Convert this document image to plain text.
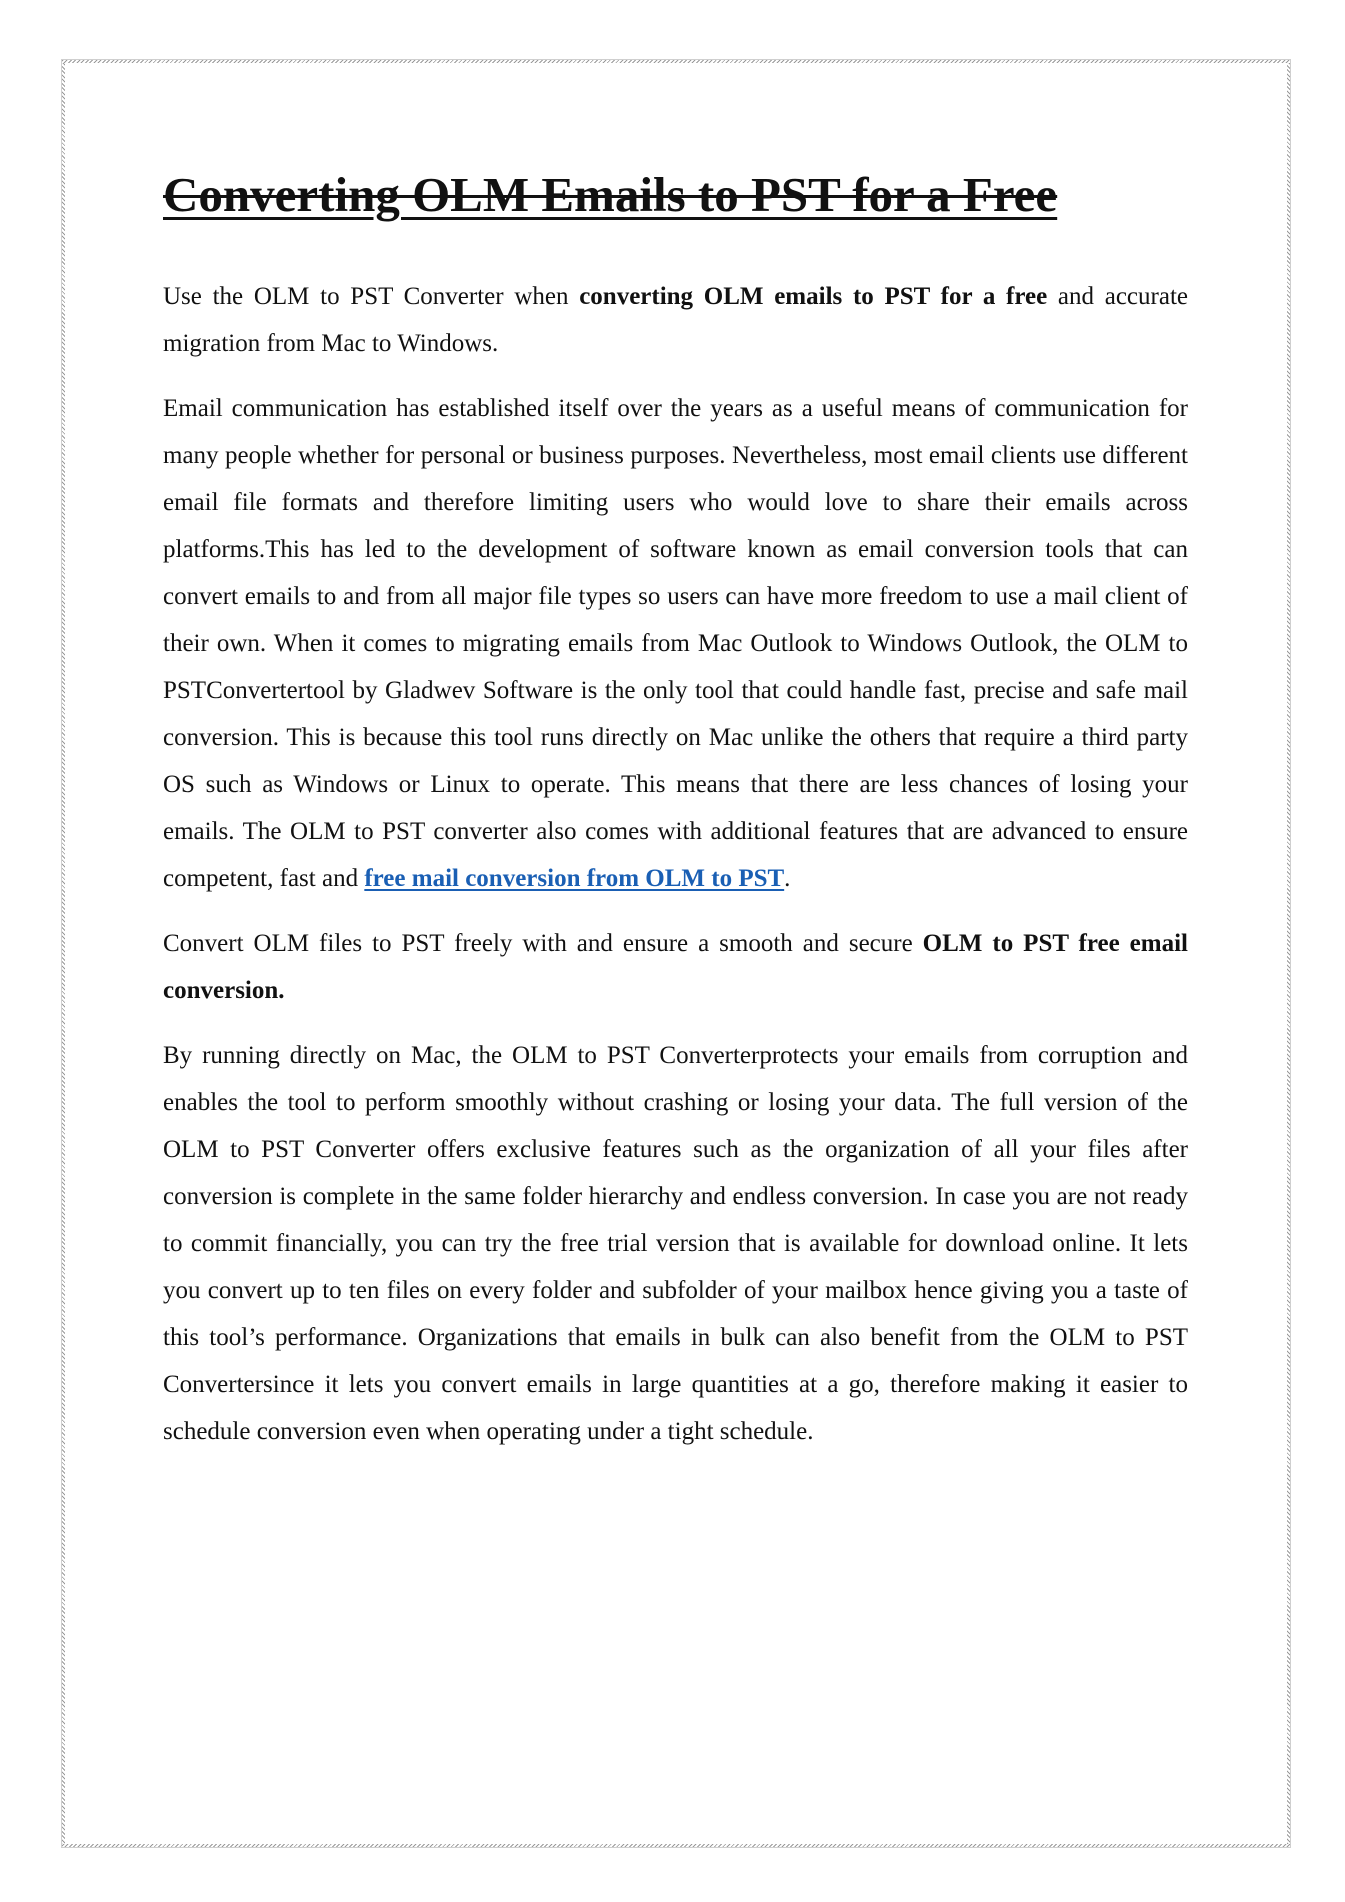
Converting OLM Emails to PST for a Free

Use the OLM to PST Converter when converting OLM emails to PST for a free and accurate migration from Mac to Windows.

Email communication has established itself over the years as a useful means of communication for many people whether for personal or business purposes. Nevertheless, most email clients use different email file formats and therefore limiting users who would love to share their emails across platforms.This has led to the development of software known as email conversion tools that can convert emails to and from all major file types so users can have more freedom to use a mail client of their own. When it comes to migrating emails from Mac Outlook to Windows Outlook, the OLM to PSTConvertertool by Gladwev Software is the only tool that could handle fast, precise and safe mail conversion. This is because this tool runs directly on Mac unlike the others that require a third party OS such as Windows or Linux to operate. This means that there are less chances of losing your emails. The OLM to PST converter also comes with additional features that are advanced to ensure competent, fast and free mail conversion from OLM to PST.

Convert OLM files to PST freely with and ensure a smooth and secure OLM to PST free email conversion.

By running directly on Mac, the OLM to PST Converterprotects your emails from corruption and enables the tool to perform smoothly without crashing or losing your data. The full version of the OLM to PST Converter offers exclusive features such as the organization of all your files after conversion is complete in the same folder hierarchy and endless conversion. In case you are not ready to commit financially, you can try the free trial version that is available for download online. It lets you convert up to ten files on every folder and subfolder of your mailbox hence giving you a taste of this tool’s performance. Organizations that emails in bulk can also benefit from the OLM to PST Convertersince it lets you convert emails in large quantities at a go, therefore making it easier to schedule conversion even when operating under a tight schedule.
